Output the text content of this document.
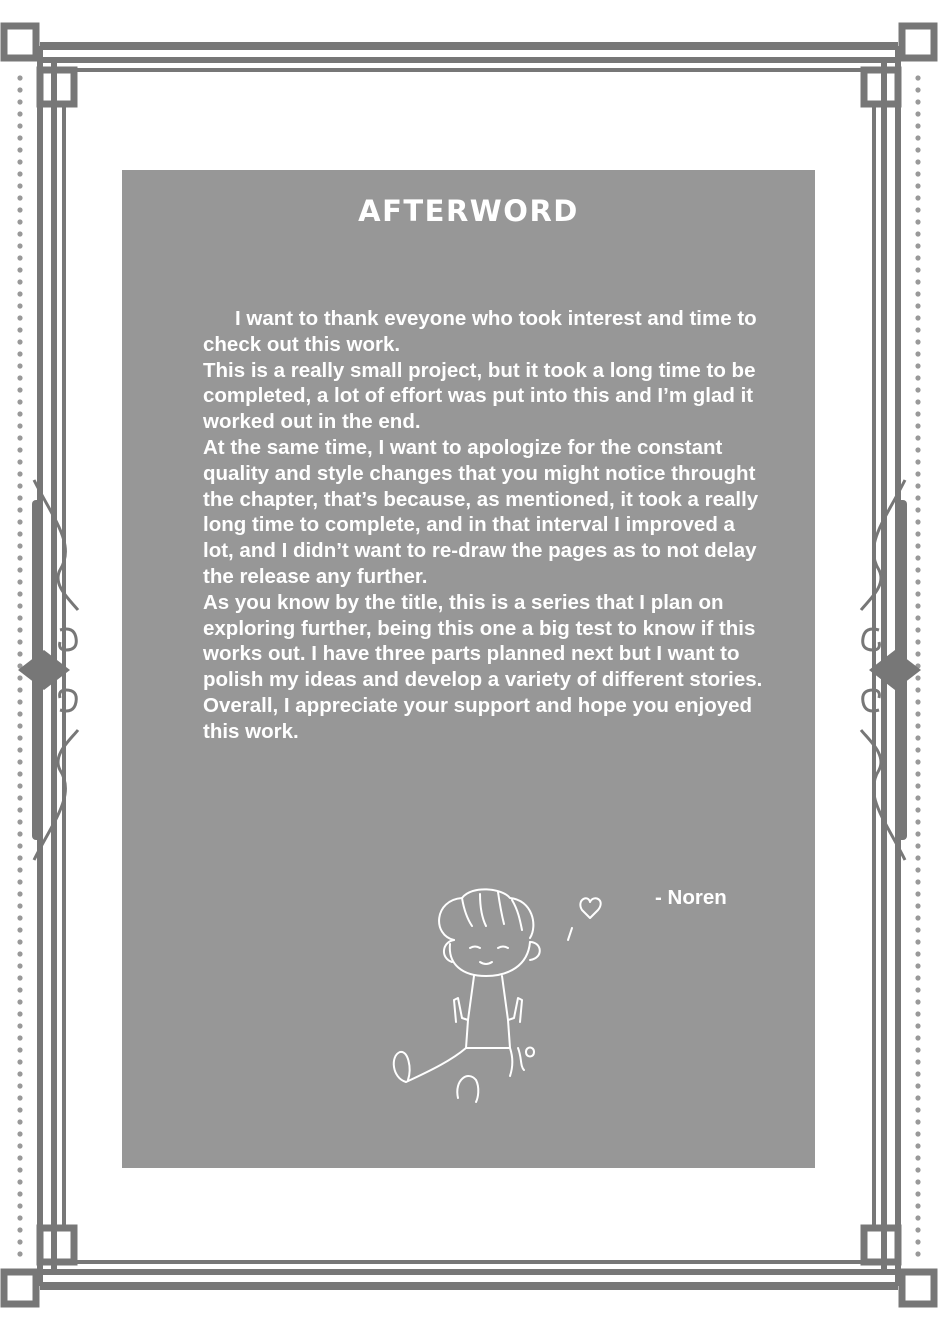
AFTERWORD

I want to thank eveyone who took interest and time to check out this work.

This is a really small project, but it took a long time to be completed, a lot of effort was put into this and I’m glad it worked out in the end.

At the same time, I want to apologize for the constant quality and style changes that you might notice throught the chapter, that’s because, as mentioned, it took a really long time to complete, and in that interval I improved a lot, and I didn’t want to re-draw the pages as to not delay the release any further.

As you know by the title, this is a series that I plan on exploring further, being this one a big test to know if this works out. I have three parts planned next but I want to polish my ideas and develop a variety of different stories.

Overall, I appreciate your support and hope you enjoyed this work.

- Noren
